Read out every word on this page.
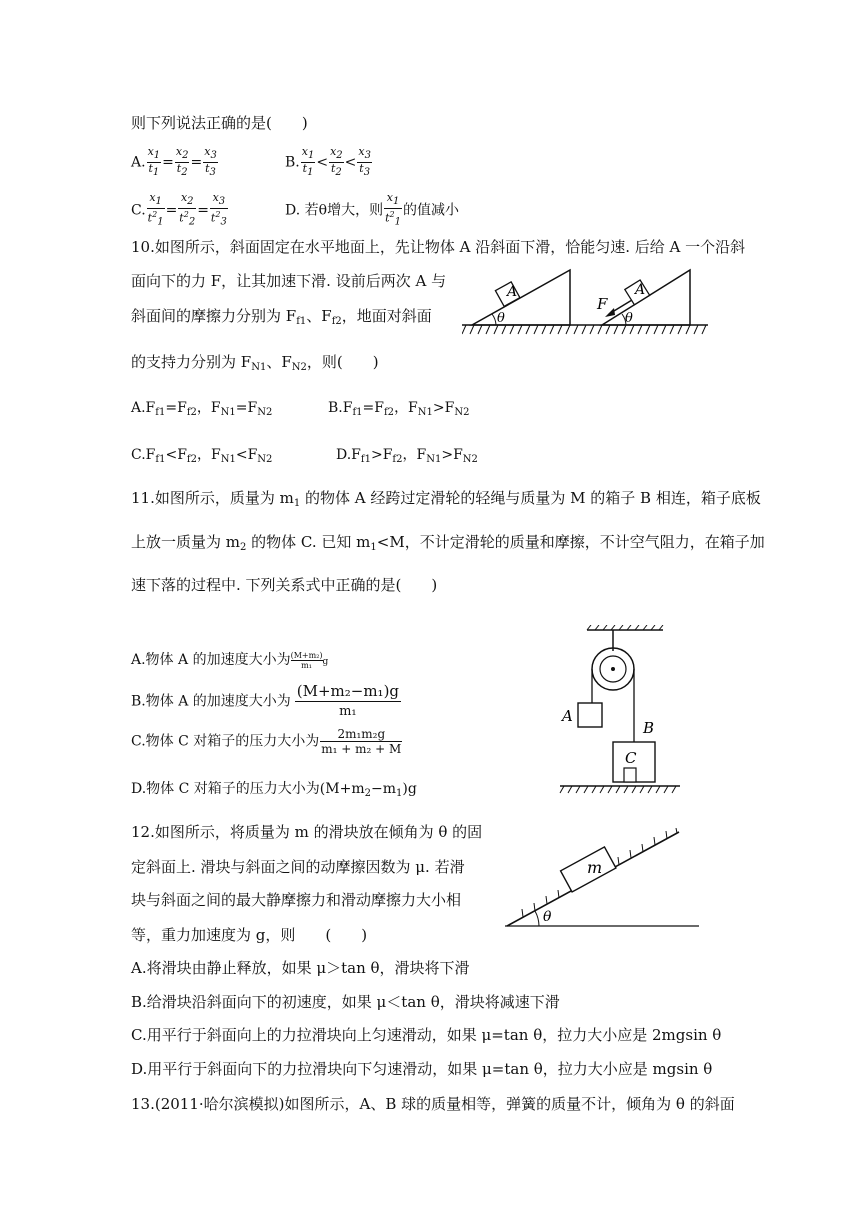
则下列说法正确的是(　　)
A. $\frac{x_1}{t_1} = \frac{x_2}{t_2} = \frac{x_3}{t_3}$	B. $\frac{x_1}{t_1} < \frac{x_2}{t_2} < \frac{x_3}{t_3}$
C. $\frac{x_1}{t^2_1} = \frac{x_2}{t^2_2} = \frac{x_3}{t^2_3}$	D. 若θ增大，则 $\frac{x_1}{t^2_1}$ 的值减小
10.如图所示，斜面固定在水平地面上，先让物体 A 沿斜面下滑，恰能匀速. 后给 A 一个沿斜
面向下的力 F，让其加速下滑. 设前后两次 A 与
斜面间的摩擦力分别为 $F_{f1}$、$F_{f2}$，地面对斜面
的支持力分别为 $F_{N1}$、$F_{N2}$，则(　　)
A
θ
A
F
θ
$A.F_{f1}=F_{f2}$，$F_{N1}=F_{N2}$	$B.F_{f1}=F_{f2}$，$F_{N1}>F_{N2}$
$C.F_{f1}<F_{f2}$，$F_{N1}<F_{N2}$	$D.F_{f1}>F_{f2}$，$F_{N1}>F_{N2}$
11.如图所示，质量为 $m_1$ 的物体 A 经跨过定滑轮的轻绳与质量为 M 的箱子 B 相连，箱子底板
上放一质量为 $m_2$ 的物体 C. 已知 $m_1<M$，不计定滑轮的质量和摩擦，不计空气阻力，在箱子加
速下落的过程中. 下列关系式中正确的是(　　)
A.物体 A 的加速度大小为 $\frac{\text{(M+m₂)}}{\text{m₁}}g$
B.物体 A 的加速度大小为 $\frac{\text{(M+m₂−m₁)g}}{\text{m₁}}$
C.物体 C 对箱子的压力大小为 $\frac{\text{2m₁m₂g}}{\text{m₁ + m₂ + M}}$
D.物体 C 对箱子的压力大小为$(M+m_2-m_1)g$
A
B
C
12.如图所示，将质量为 m 的滑块放在倾角为 θ 的固
定斜面上. 滑块与斜面之间的动摩擦因数为 μ. 若滑
块与斜面之间的最大静摩擦力和滑动摩擦力大小相
等，重力加速度为 g，则　　(　　)
m
θ
A.将滑块由静止释放，如果 μ＞tan θ，滑块将下滑
B.给滑块沿斜面向下的初速度，如果 μ＜tan θ，滑块将减速下滑
C.用平行于斜面向上的力拉滑块向上匀速滑动，如果 μ=tan θ，拉力大小应是 2mgsin θ
D.用平行于斜面向下的力拉滑块向下匀速滑动，如果 μ=tan θ，拉力大小应是 mgsin θ
13.(2011·哈尔滨模拟)如图所示，A、B 球的质量相等，弹簧的质量不计，倾角为 θ 的斜面
